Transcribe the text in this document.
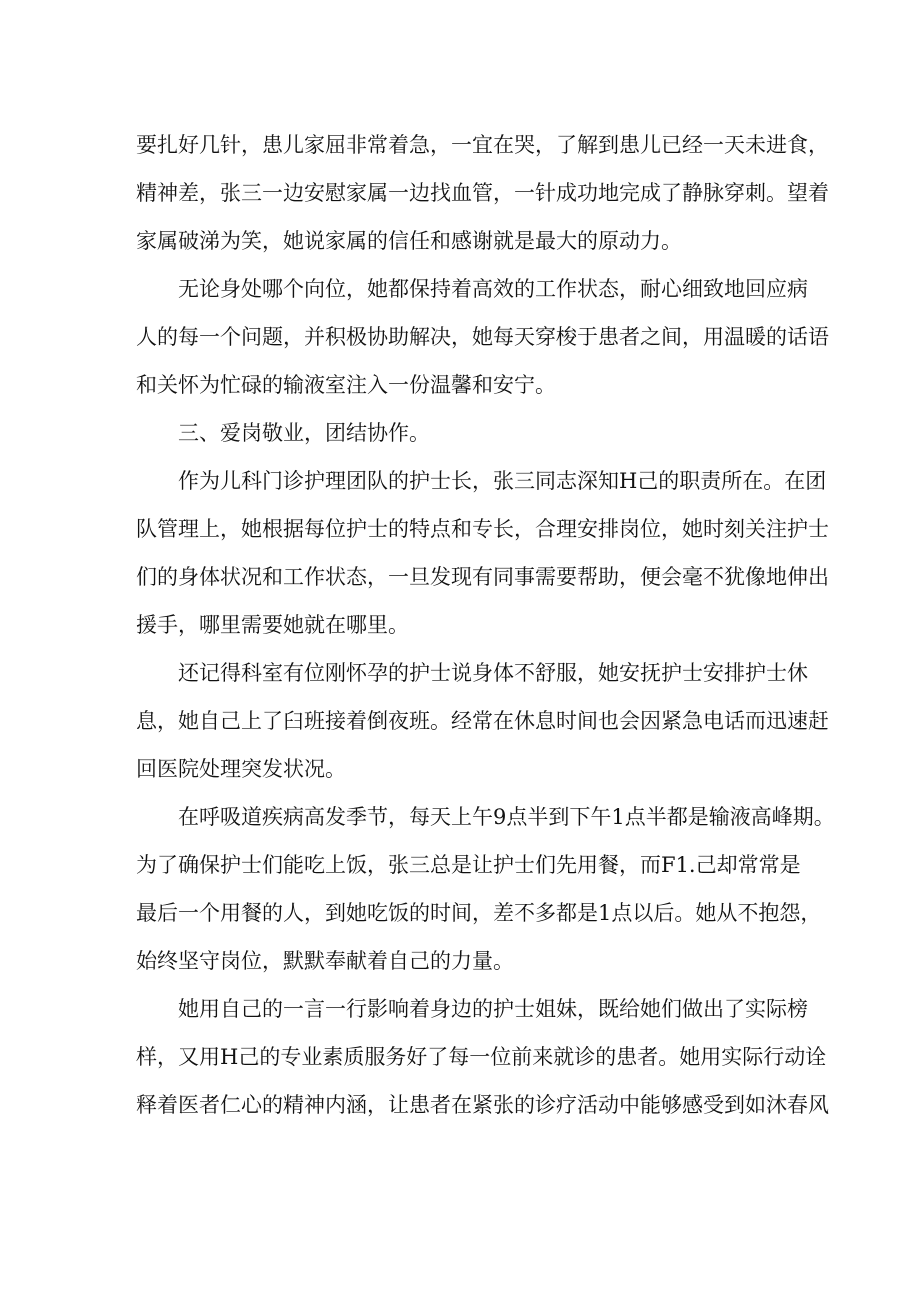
要扎好几针，患儿家屈非常着急，一宜在哭，了解到患儿已经一天未进食，
精神差，张三一边安慰家属一边找血管，一针成功地完成了静脉穿刺。望着
家属破涕为笑，她说家属的信任和感谢就是最大的原动力。
无论身处哪个向位，她都保持着高效的工作状态，耐心细致地回应病
人的每一个问题，并积极协助解决，她每天穿梭于患者之间，用温暖的话语
和关怀为忙碌的输液室注入一份温馨和安宁。
三、爱岗敬业，团结协作。
作为儿科门诊护理团队的护士长，张三同志深知H己的职责所在。在团
队管理上，她根据每位护士的特点和专长，合理安排岗位，她时刻关注护士
们的身体状况和工作状态，一旦发现有同事需要帮助，便会毫不犹像地伸出
援手，哪里需要她就在哪里。
还记得科室有位刚怀孕的护士说身体不舒服，她安抚护士安排护士休
息，她自己上了臼班接着倒夜班。经常在休息时间也会因紧急电话而迅速赶
回医院处理突发状况。
在呼吸道疾病高发季节，每天上午9点半到下午1点半都是输液高峰期。
为了确保护士们能吃上饭，张三总是让护士们先用餐，而F1.己却常常是
最后一个用餐的人，到她吃饭的时间，差不多都是1点以后。她从不抱怨，
始终坚守岗位，默默奉献着自己的力量。
她用自己的一言一行影响着身边的护士姐妹，既给她们做出了实际榜
样，又用H己的专业素质服务好了每一位前来就诊的患者。她用实际行动诠
释着医者仁心的精神内涵，让患者在紧张的诊疗活动中能够感受到如沐春风
